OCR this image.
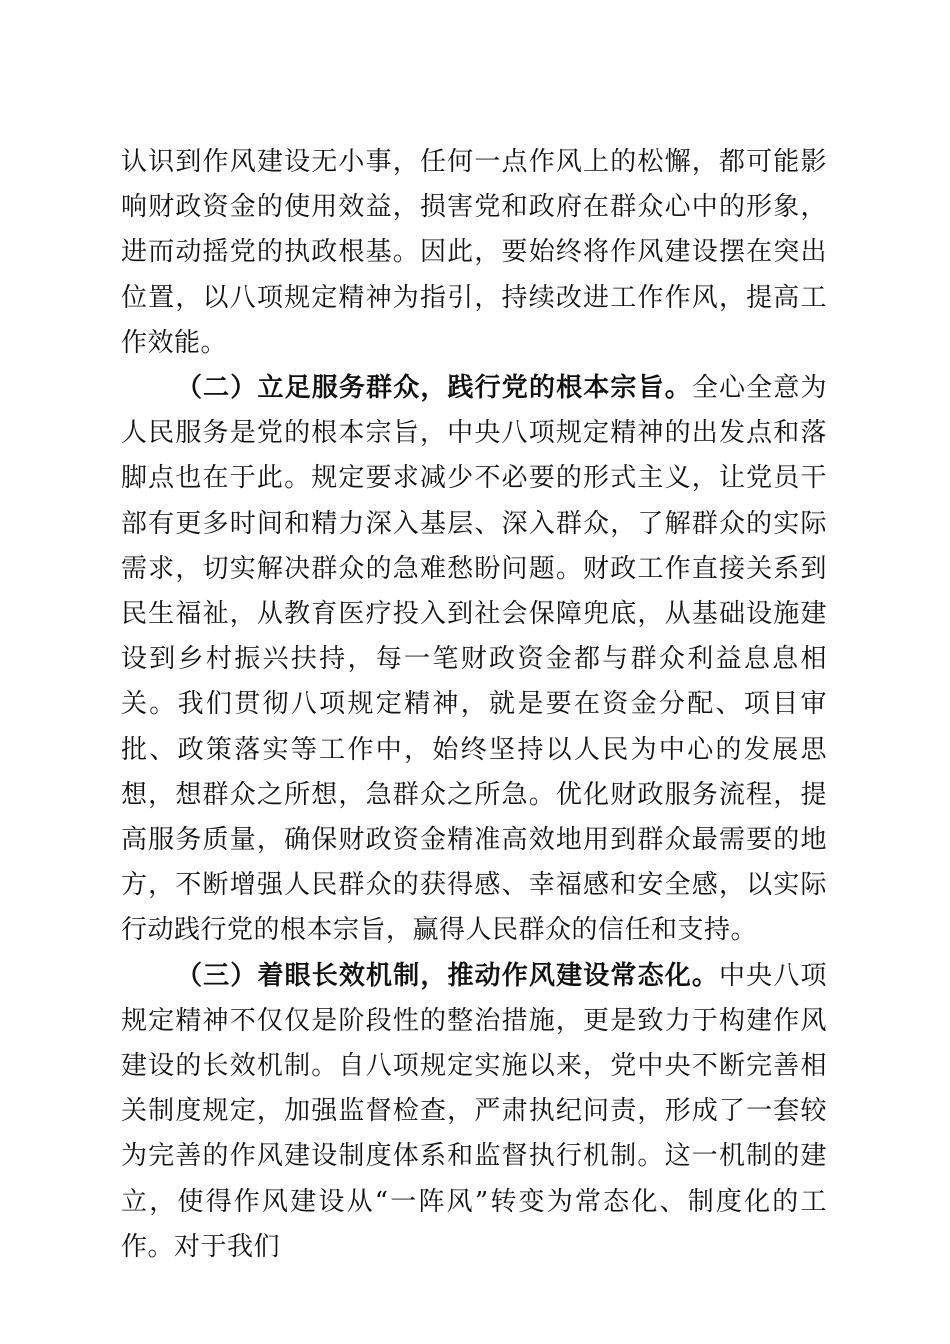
认识到作风建设无小事，任何一点作风上的松懈，都可能影响财政资金的使用效益，损害党和政府在群众心中的形象，进而动摇党的执政根基。因此，要始终将作风建设摆在突出位置，以八项规定精神为指引，持续改进工作作风，提高工作效能。

（二）立足服务群众，践行党的根本宗旨。全心全意为人民服务是党的根本宗旨，中央八项规定精神的出发点和落脚点也在于此。规定要求减少不必要的形式主义，让党员干部有更多时间和精力深入基层、深入群众，了解群众的实际需求，切实解决群众的急难愁盼问题。财政工作直接关系到民生福祉，从教育医疗投入到社会保障兜底，从基础设施建设到乡村振兴扶持，每一笔财政资金都与群众利益息息相关。我们贯彻八项规定精神，就是要在资金分配、项目审批、政策落实等工作中，始终坚持以人民为中心的发展思想，想群众之所想，急群众之所急。优化财政服务流程，提高服务质量，确保财政资金精准高效地用到群众最需要的地方，不断增强人民群众的获得感、幸福感和安全感，以实际行动践行党的根本宗旨，赢得人民群众的信任和支持。

（三）着眼长效机制，推动作风建设常态化。中央八项规定精神不仅仅是阶段性的整治措施，更是致力于构建作风建设的长效机制。自八项规定实施以来，党中央不断完善相关制度规定，加强监督检查，严肃执纪问责，形成了一套较为完善的作风建设制度体系和监督执行机制。这一机制的建立，使得作风建设从“一阵风”转变为常态化、制度化的工作。对于我们
